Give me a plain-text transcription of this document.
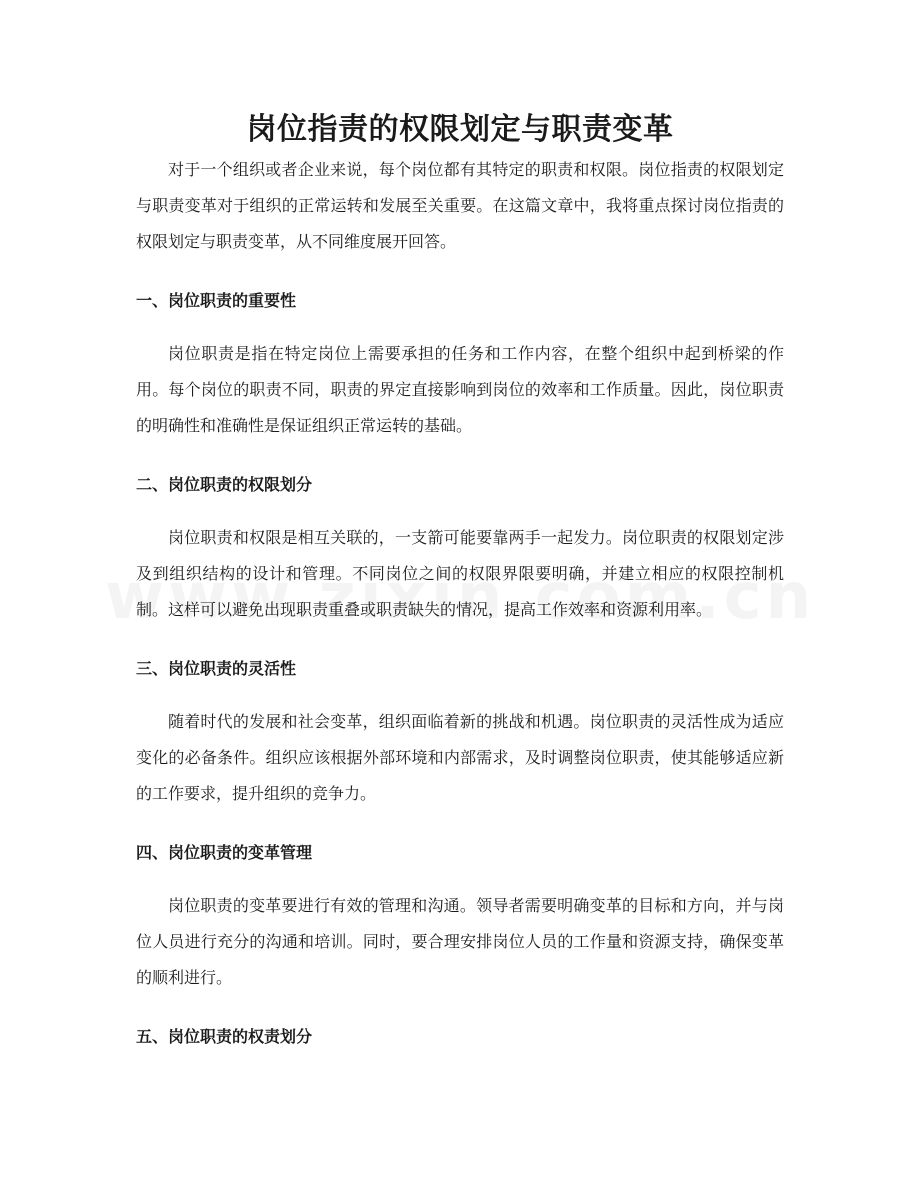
岗位指责的权限划定与职责变革

对于一个组织或者企业来说，每个岗位都有其特定的职责和权限。岗位指责的权限划定与职责变革对于组织的正常运转和发展至关重要。在这篇文章中，我将重点探讨岗位指责的权限划定与职责变革，从不同维度展开回答。

一、岗位职责的重要性

岗位职责是指在特定岗位上需要承担的任务和工作内容，在整个组织中起到桥梁的作用。每个岗位的职责不同，职责的界定直接影响到岗位的效率和工作质量。因此，岗位职责的明确性和准确性是保证组织正常运转的基础。

二、岗位职责的权限划分

岗位职责和权限是相互关联的，一支箭可能要靠两手一起发力。岗位职责的权限划定涉及到组织结构的设计和管理。不同岗位之间的权限界限要明确，并建立相应的权限控制机制。这样可以避免出现职责重叠或职责缺失的情况，提高工作效率和资源利用率。

三、岗位职责的灵活性

随着时代的发展和社会变革，组织面临着新的挑战和机遇。岗位职责的灵活性成为适应变化的必备条件。组织应该根据外部环境和内部需求，及时调整岗位职责，使其能够适应新的工作要求，提升组织的竞争力。

四、岗位职责的变革管理

岗位职责的变革要进行有效的管理和沟通。领导者需要明确变革的目标和方向，并与岗位人员进行充分的沟通和培训。同时，要合理安排岗位人员的工作量和资源支持，确保变革的顺利进行。

五、岗位职责的权责划分
